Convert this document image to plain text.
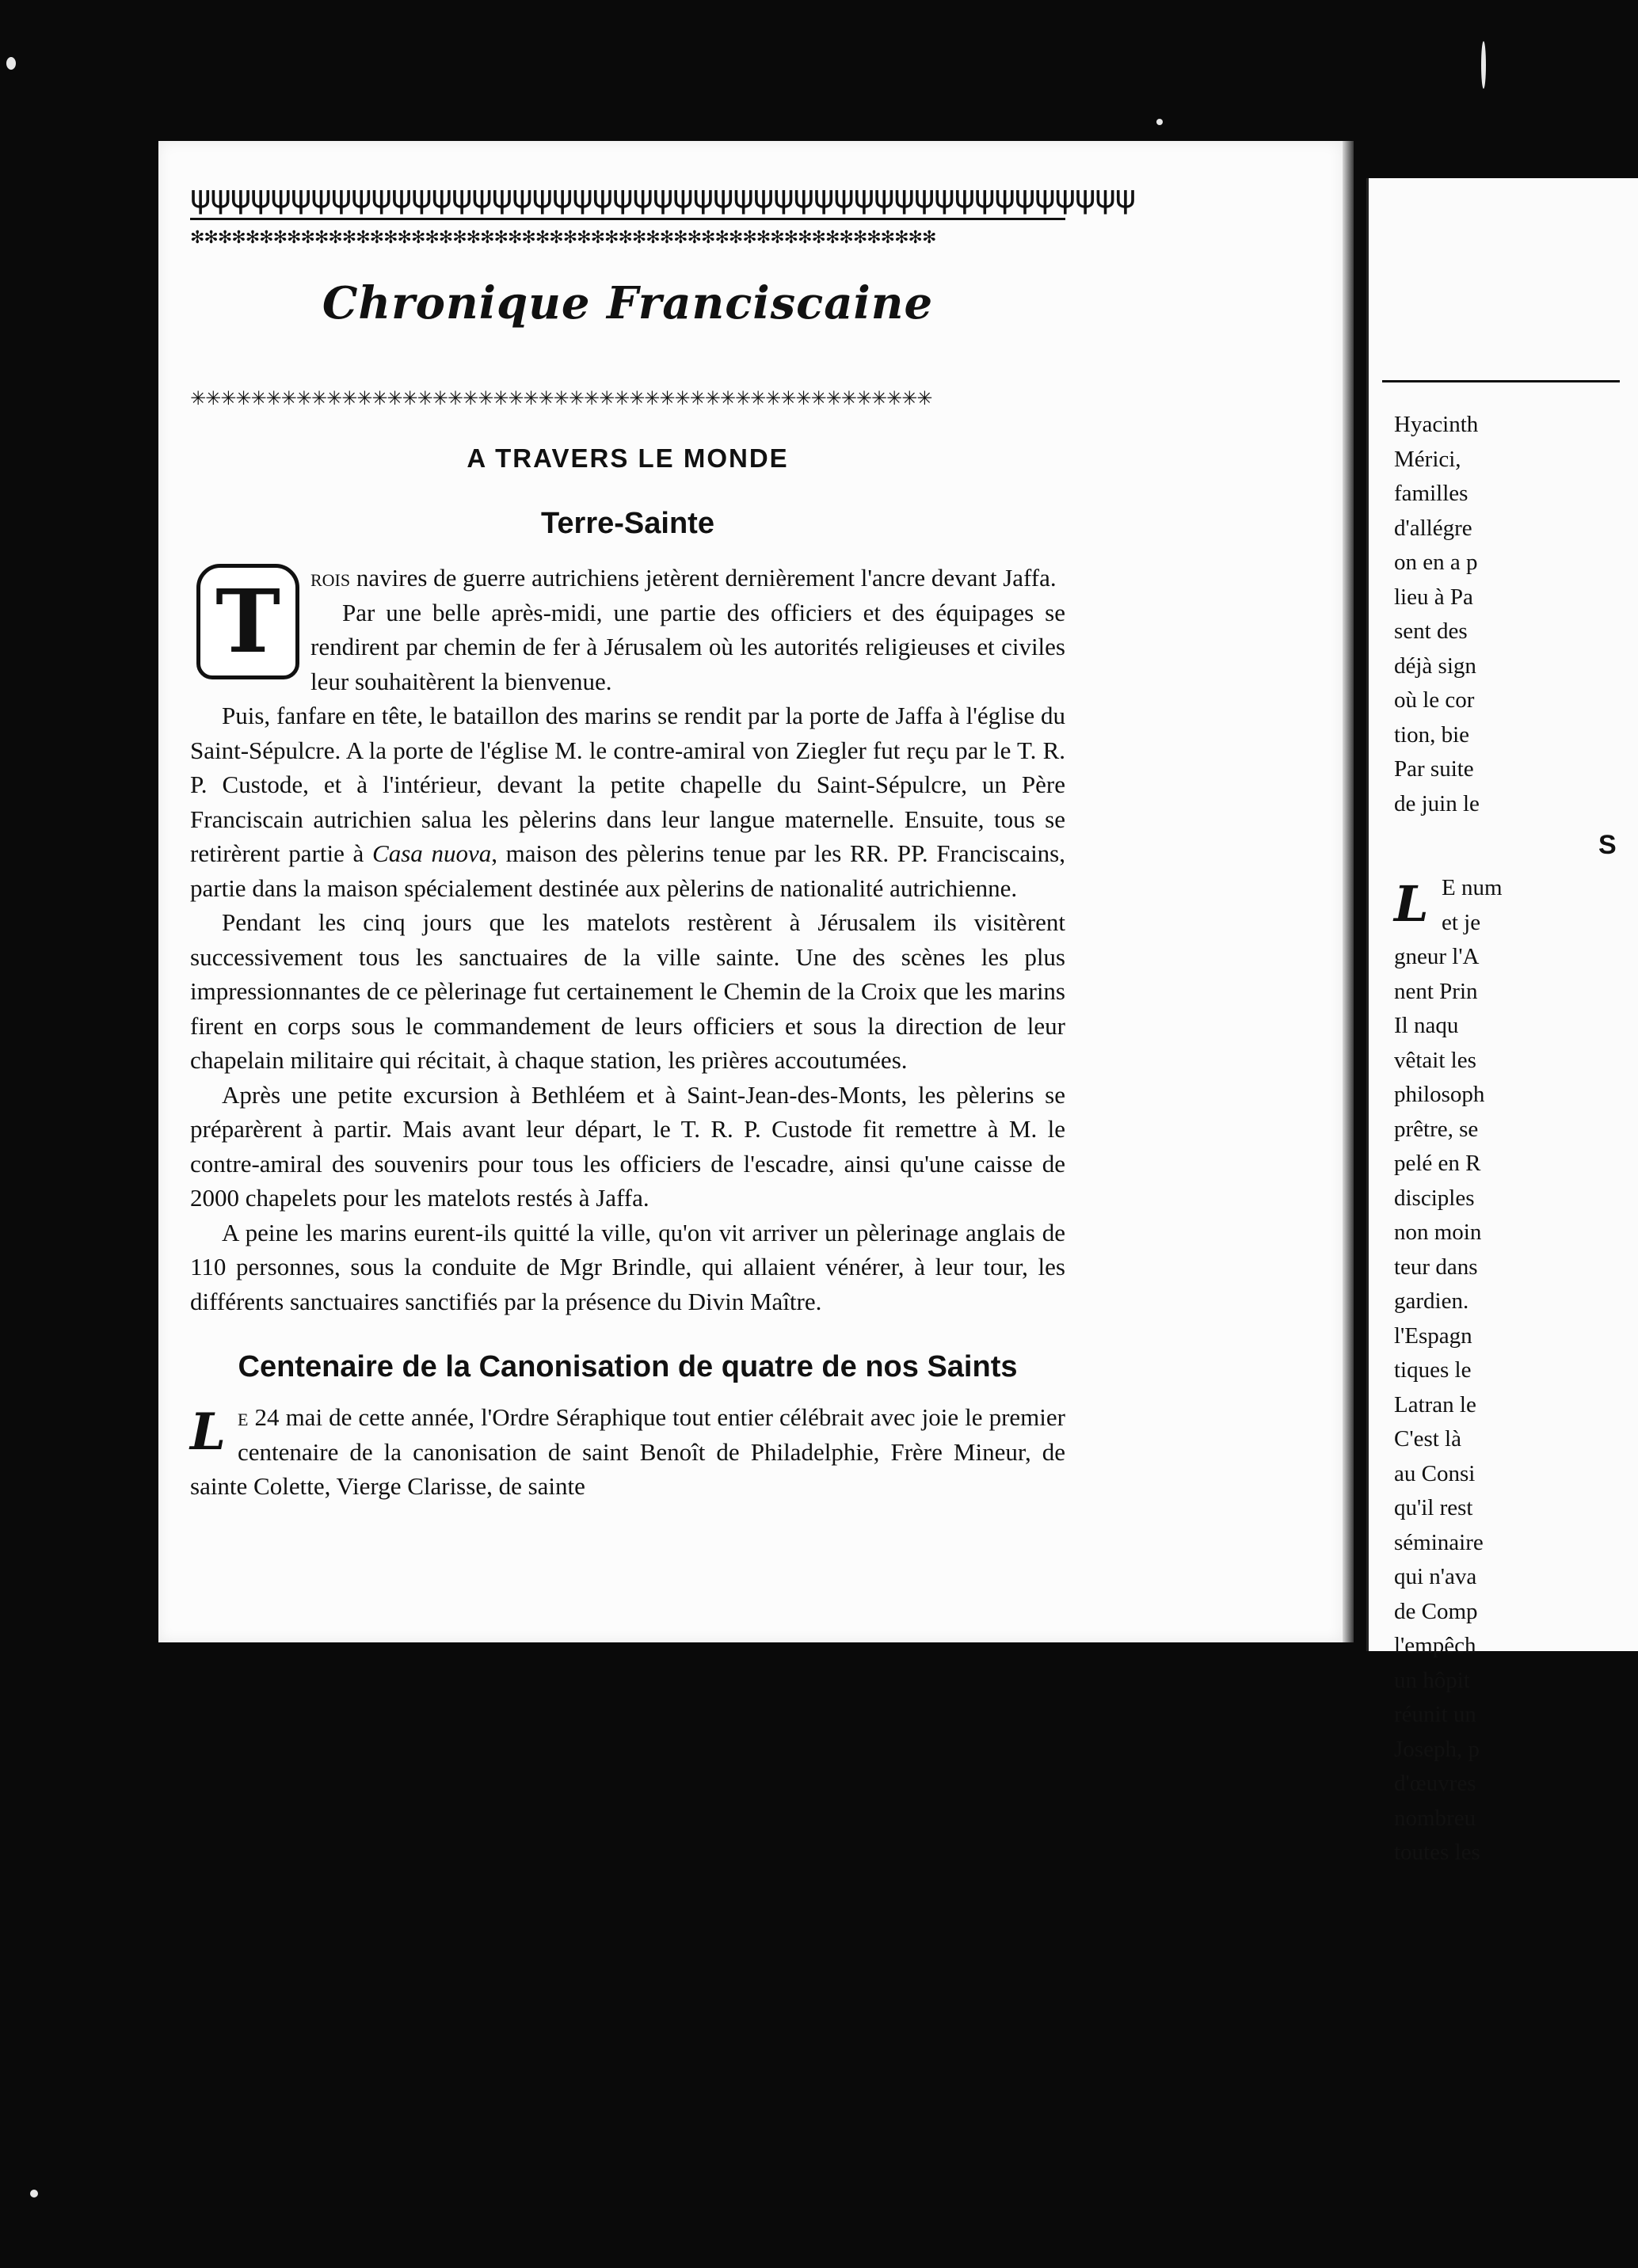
ψψψψψψψψψψψψψψψψψψψψψψψψψψψψψψψψψψψψψψψψψψψψψψψ
✻✻✻✻✻✻✻✻✻✻✻✻✻✻✻✻✻✻✻✻✻✻✻✻✻✻✻✻✻✻✻✻✻✻✻✻✻✻✻✻✻✻✻✻✻✻✻✻✻✻✻✻✻✻
Chronique Franciscaine
✳✳✳✳✳✳✳✳✳✳✳✳✳✳✳✳✳✳✳✳✳✳✳✳✳✳✳✳✳✳✳✳✳✳✳✳✳✳✳✳✳✳✳✳✳✳✳✳✳
A TRAVERS LE MONDE
Terre-Sainte
T	rois navires de guerre autrichiens jetèrent dernièrement l'ancre devant Jaffa.

Par une belle après-midi, une partie des officiers et des équipages se rendirent par chemin de fer à Jérusalem où les autorités religieuses et civiles leur souhaitèrent la bienvenue.

Puis, fanfare en tête, le bataillon des marins se rendit par la porte de Jaffa à l'église du Saint-Sépulcre. A la porte de l'église M. le contre-amiral von Ziegler fut reçu par le T. R. P. Custode, et à l'intérieur, devant la petite chapelle du Saint-Sépulcre, un Père Franciscain autrichien salua les pèlerins dans leur langue maternelle. Ensuite, tous se retirèrent partie à Casa nuova, maison des pèlerins tenue par les RR. PP. Franciscains, partie dans la maison spécialement destinée aux pèlerins de nationalité autrichienne.

Pendant les cinq jours que les matelots restèrent à Jérusalem ils visitèrent successivement tous les sanctuaires de la ville sainte. Une des scènes les plus impressionnantes de ce pèlerinage fut certainement le Chemin de la Croix que les marins firent en corps sous le commandement de leurs officiers et sous la direction de leur chapelain militaire qui récitait, à chaque station, les prières accoutumées.

Après une petite excursion à Bethléem et à Saint-Jean-des-Monts, les pèlerins se préparèrent à partir. Mais avant leur départ, le T. R. P. Custode fit remettre à M. le contre-amiral des souvenirs pour tous les officiers de l'escadre, ainsi qu'une caisse de 2000 chapelets pour les matelots restés à Jaffa.

A peine les marins eurent-ils quitté la ville, qu'on vit arriver un pèlerinage anglais de 110 personnes, sous la conduite de Mgr Brindle, qui allaient vénérer, à leur tour, les différents sanctuaires sanctifiés par la présence du Divin Maître.

Centenaire de la Canonisation de quatre de nos Saints
L e 24 mai de cette année, l'Ordre Séraphique tout entier célébrait avec joie le premier centenaire de la canonisation de saint Benoît de Philadelphie, Frère Mineur, de sainte Colette, Vierge Clarisse, de sainte

Hyacinth
Mérici,
familles
d'allégre
on en a p
lieu à Pa
sent des
déjà sign
où le cor
tion, bie
Par suite
de juin le
S
L E num
et je
gneur l'A
nent Prin
Il naqu
vêtait les
philosoph
prêtre, se
pelé en R
disciples
non moin
teur dans
gardien.
l'Espagn
tiques le
Latran le
C'est là
au Consi
qu'il rest
séminaire
qui n'ava
de Comp
l'empêch
un hôpit
réunit un
Joseph, p
d'œuvres
nombreu
toutes les
